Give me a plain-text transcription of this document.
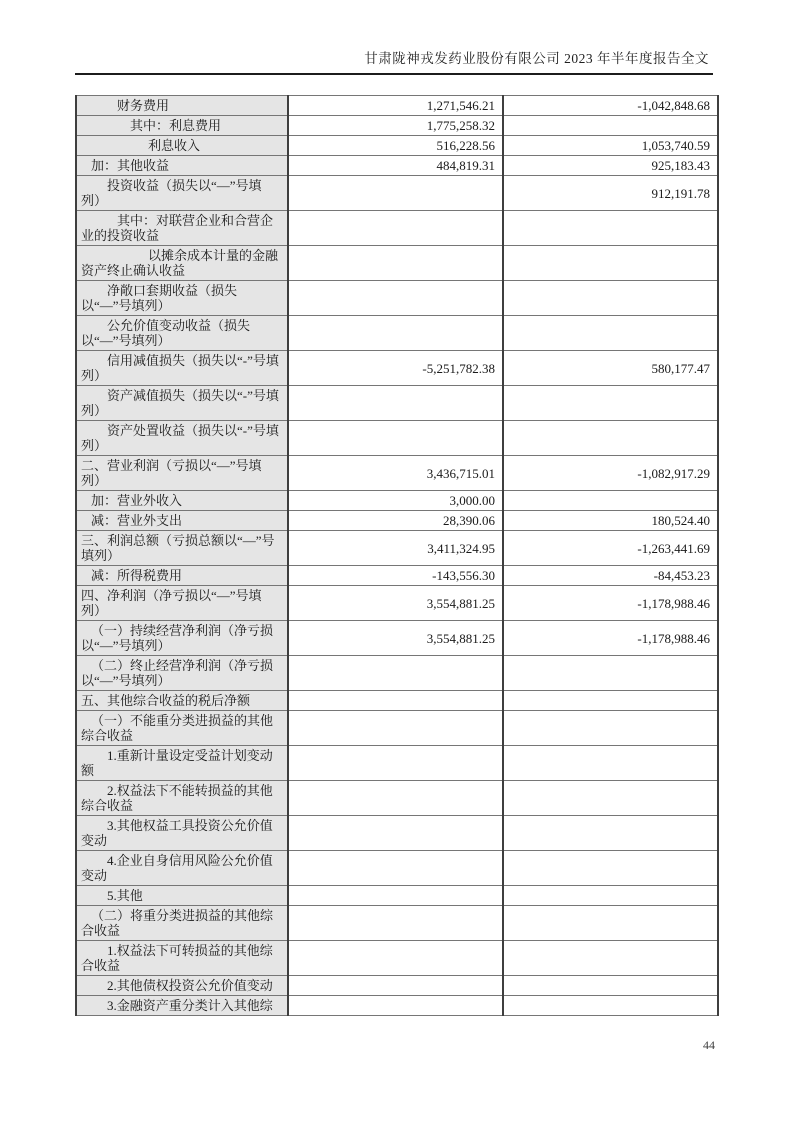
甘肃陇神戎发药业股份有限公司 2023 年半年度报告全文
财务费用	1,271,546.21	-1,042,848.68

其中：利息费用	1,775,258.32	

利息收入	516,228.56	1,053,740.59

加：其他收益	484,819.31	925,183.43

投资收益（损失以“—”号填列）		912,191.78

其中：对联营企业和合营企业的投资收益		

以摊余成本计量的金融资产终止确认收益		

净敞口套期收益（损失以“—”号填列）		

公允价值变动收益（损失以“—”号填列）		

信用减值损失（损失以“-”号填列）	-5,251,782.38	580,177.47

资产减值损失（损失以“-”号填列）		

资产处置收益（损失以“-”号填列）		

二、营业利润（亏损以“—”号填列）	3,436,715.01	-1,082,917.29

加：营业外收入	3,000.00	

减：营业外支出	28,390.06	180,524.40

三、利润总额（亏损总额以“—”号填列）	3,411,324.95	-1,263,441.69

减：所得税费用	-143,556.30	-84,453.23

四、净利润（净亏损以“—”号填列）	3,554,881.25	-1,178,988.46

（一）持续经营净利润（净亏损以“—”号填列）	3,554,881.25	-1,178,988.46

（二）终止经营净利润（净亏损以“—”号填列）		

五、其他综合收益的税后净额		

（一）不能重分类进损益的其他综合收益		

1.重新计量设定受益计划变动额		

2.权益法下不能转损益的其他综合收益		

3.其他权益工具投资公允价值变动		

4.企业自身信用风险公允价值变动		

5.其他		

（二）将重分类进损益的其他综合收益		

1.权益法下可转损益的其他综合收益		

2.其他债权投资公允价值变动		

3.金融资产重分类计入其他综		

44
